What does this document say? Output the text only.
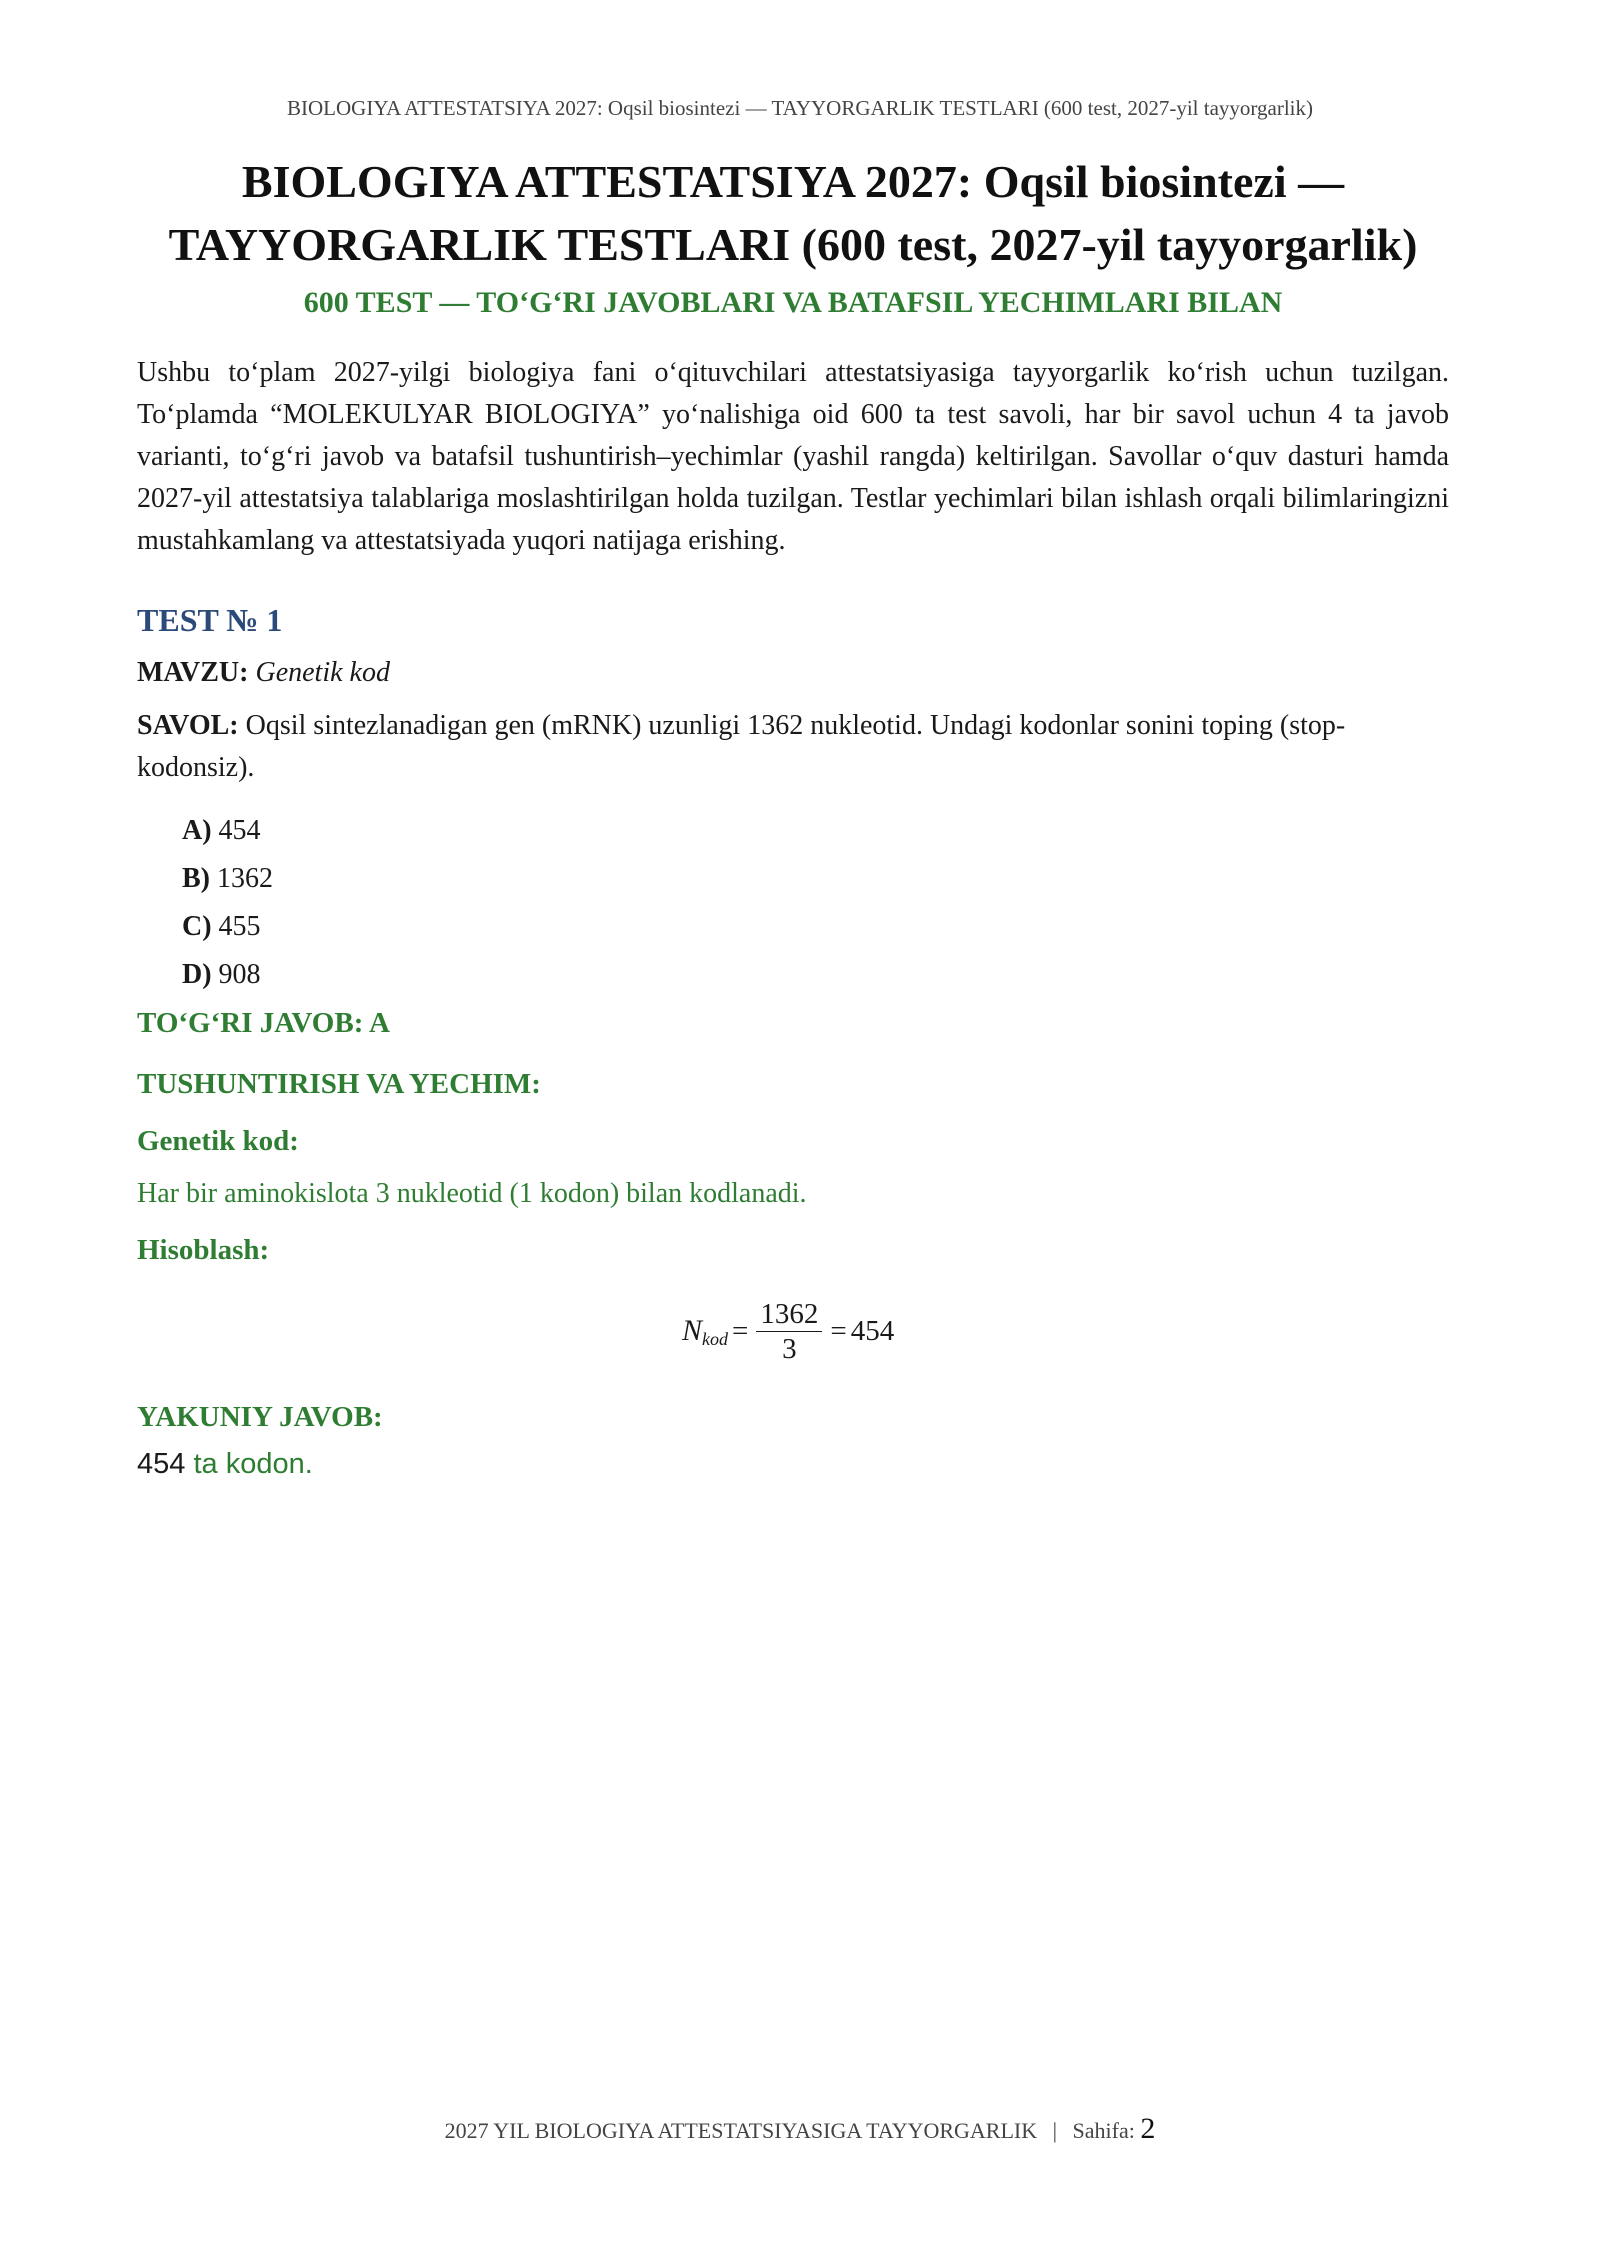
BIOLOGIYA ATTESTATSIYA 2027: Oqsil biosintezi — TAYYORGARLIK TESTLARI (600 test, 2027-yil tayyorgarlik)
BIOLOGIYA ATTESTATSIYA 2027: Oqsil biosintezi —
TAYYORGARLIK TESTLARI (600 test, 2027-yil tayyorgarlik)
600 TEST — TO‘G‘RI JAVOBLARI VA BATAFSIL YECHIMLARI BILAN

Ushbu to‘plam 2027-yilgi biologiya fani o‘qituvchilari attestatsiyasiga tayyorgarlik ko‘rish uchun tuzilgan. To‘plamda “MOLEKULYAR BIOLOGIYA” yo‘nalishiga oid 600 ta test savoli, har bir savol uchun 4 ta javob varianti, to‘g‘ri javob va batafsil tushuntirish–yechimlar (yashil rangda) keltirilgan. Savollar o‘quv dasturi hamda 2027-yil attestatsiya talablariga moslashtirilgan holda tuzilgan. Testlar yechimlari bilan ishlash orqali bilimlaringizni mustahkamlang va attestatsiyada yuqori natijaga erishing.

TEST № 1
MAVZU: Genetik kod
SAVOL: Oqsil sintezlanadigan gen (mRNK) uzunligi 1362 nukleotid. Undagi kodonlar sonini toping (stop-kodonsiz).
A) 454
B) 1362
C) 455
D) 908
TO‘G‘RI JAVOB: A
TUSHUNTIRISH VA YECHIM:
Genetik kod:
Har bir aminokislota 3 nukleotid (1 kodon) bilan kodlanadi.
Hisoblash:
$N_{kod} = \frac{1362}{3} = 454$
YAKUNIY JAVOB:
454 ta kodon.
2027 YIL BIOLOGIYA ATTESTATSIYASIGA TAYYORGARLIK | Sahifa: 2
